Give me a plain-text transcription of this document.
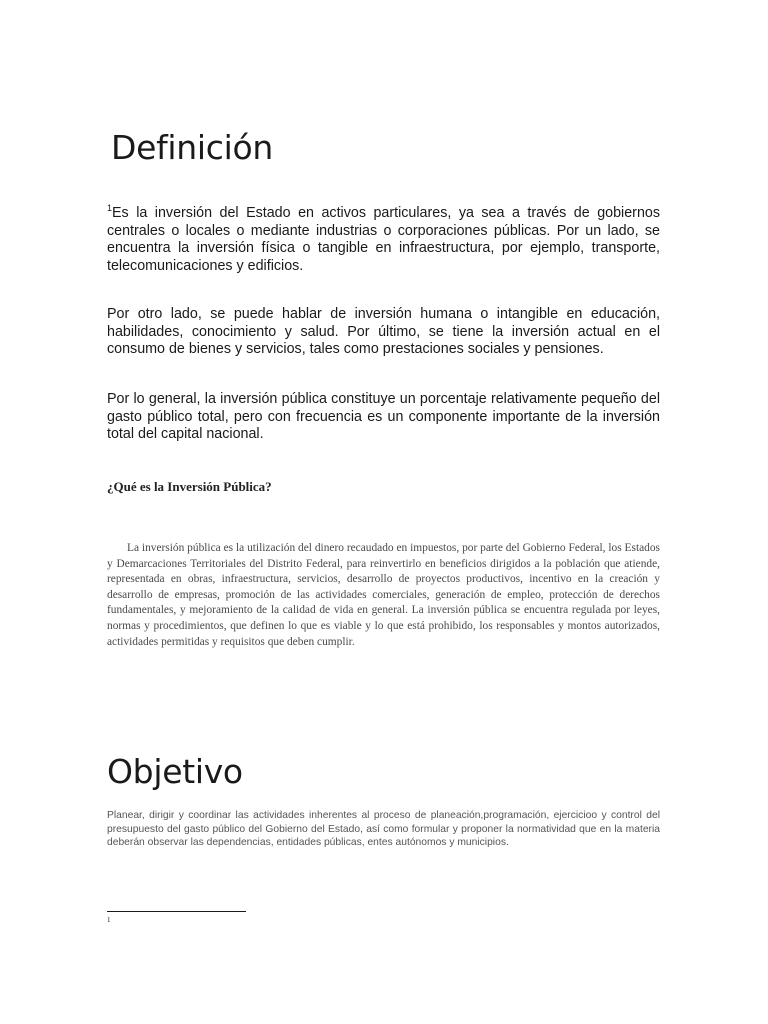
Definición

$^1$Es la inversión del Estado en activos particulares, ya sea a través de gobiernos centrales o locales o mediante industrias o corporaciones públicas. Por un lado, se encuentra la inversión física o tangible en infraestructura, por ejemplo, transporte, telecomunicaciones y edificios.

Por otro lado, se puede hablar de inversión humana o intangible en educación, habilidades, conocimiento y salud. Por último, se tiene la inversión actual en el consumo de bienes y servicios, tales como prestaciones sociales y pensiones.

Por lo general, la inversión pública constituye un porcentaje relativamente pequeño del gasto público total, pero con frecuencia es un componente importante de la inversión total del capital nacional.

¿Qué es la Inversión Pública?

La inversión pública es la utilización del dinero recaudado en impuestos, por parte del Gobierno Federal, los Estados y Demarcaciones Territoriales del Distrito Federal, para reinvertirlo en beneficios dirigidos a la población que atiende, representada en obras, infraestructura, servicios, desarrollo de proyectos productivos, incentivo en la creación y desarrollo de empresas, promoción de las actividades comerciales, generación de empleo, protección de derechos fundamentales, y mejoramiento de la calidad de vida en general. La inversión pública se encuentra regulada por leyes, normas y procedimientos, que definen lo que es viable y lo que está prohibido, los responsables y montos autorizados, actividades permitidas y requisitos que deben cumplir.

Objetivo

Planear, dirigir y coordinar las actividades inherentes al proceso de planeación,programación, ejercicioo y control del presupuesto del gasto público del Gobierno del Estado, así como formular y proponer la normatividad que en la materia deberán observar las dependencias, entidades públicas, entes autónomos y municipios.

1
